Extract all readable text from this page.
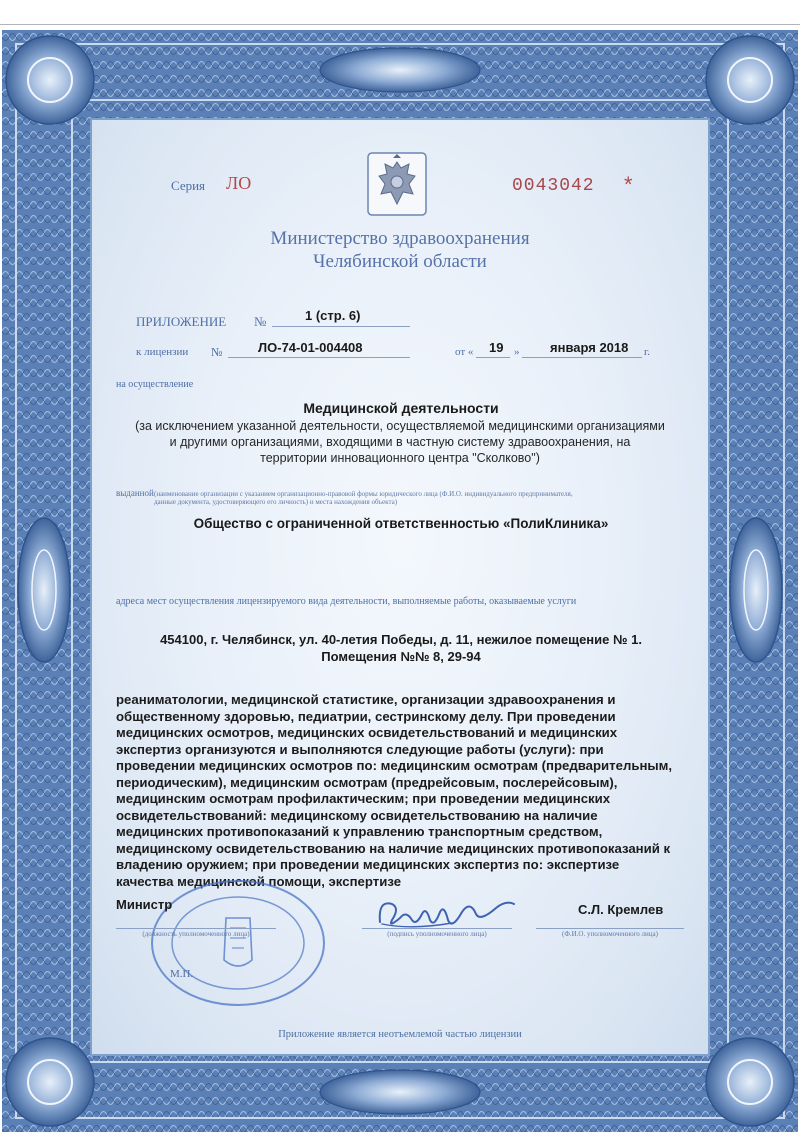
Серия ЛО	0043042 *
Министерство здравоохранения
Челябинской области
ПРИЛОЖЕНИЕ №	1 (стр. 6)
к лицензии №	ЛО-74-01-004408	от « 19 » января 2018 г.
на осуществление
Медицинской деятельности
(за исключением указанной деятельности, осуществляемой медицинскими организациями
и другими организациями, входящими в частную систему здравоохранения, на
территории инновационного центра "Сколково")
выданной (наименование организации с указанием организационно-правовой формы юридического лица (Ф.И.О. индивидуального предпринимателя,
данные документа, удостоверяющего его личность) и места нахождения объекта)
Общество с ограниченной ответственностью «ПолиКлиника»
адреса мест осуществления лицензируемого вида деятельности, выполняемые работы, оказываемые услуги
454100, г. Челябинск, ул. 40-летия Победы, д. 11, нежилое помещение № 1.
Помещения №№ 8, 29-94
реаниматологии, медицинской статистике, организации здравоохранения и
общественному здоровью, педиатрии, сестринскому делу. При проведении
медицинских осмотров, медицинских освидетельствований и медицинских
экспертиз организуются и выполняются следующие работы (услуги): при
проведении медицинских осмотров по: медицинским осмотрам (предварительным,
периодическим), медицинским осмотрам (предрейсовым, послерейсовым),
медицинским осмотрам профилактическим; при проведении медицинских
освидетельствований: медицинскому освидетельствованию на наличие
медицинских противопоказаний к управлению транспортным средством,
медицинскому освидетельствованию на наличие медицинских противопоказаний к
владению оружием; при проведении медицинских экспертиз по: экспертизе
качества медицинской помощи, экспертизе
Министр
(должность уполномоченного лица)	(подпись уполномоченного лица)
С.Л. Кремлев
(Ф.И.О. уполномоченного лица)
М.П.
Приложение является неотъемлемой частью лицензии
